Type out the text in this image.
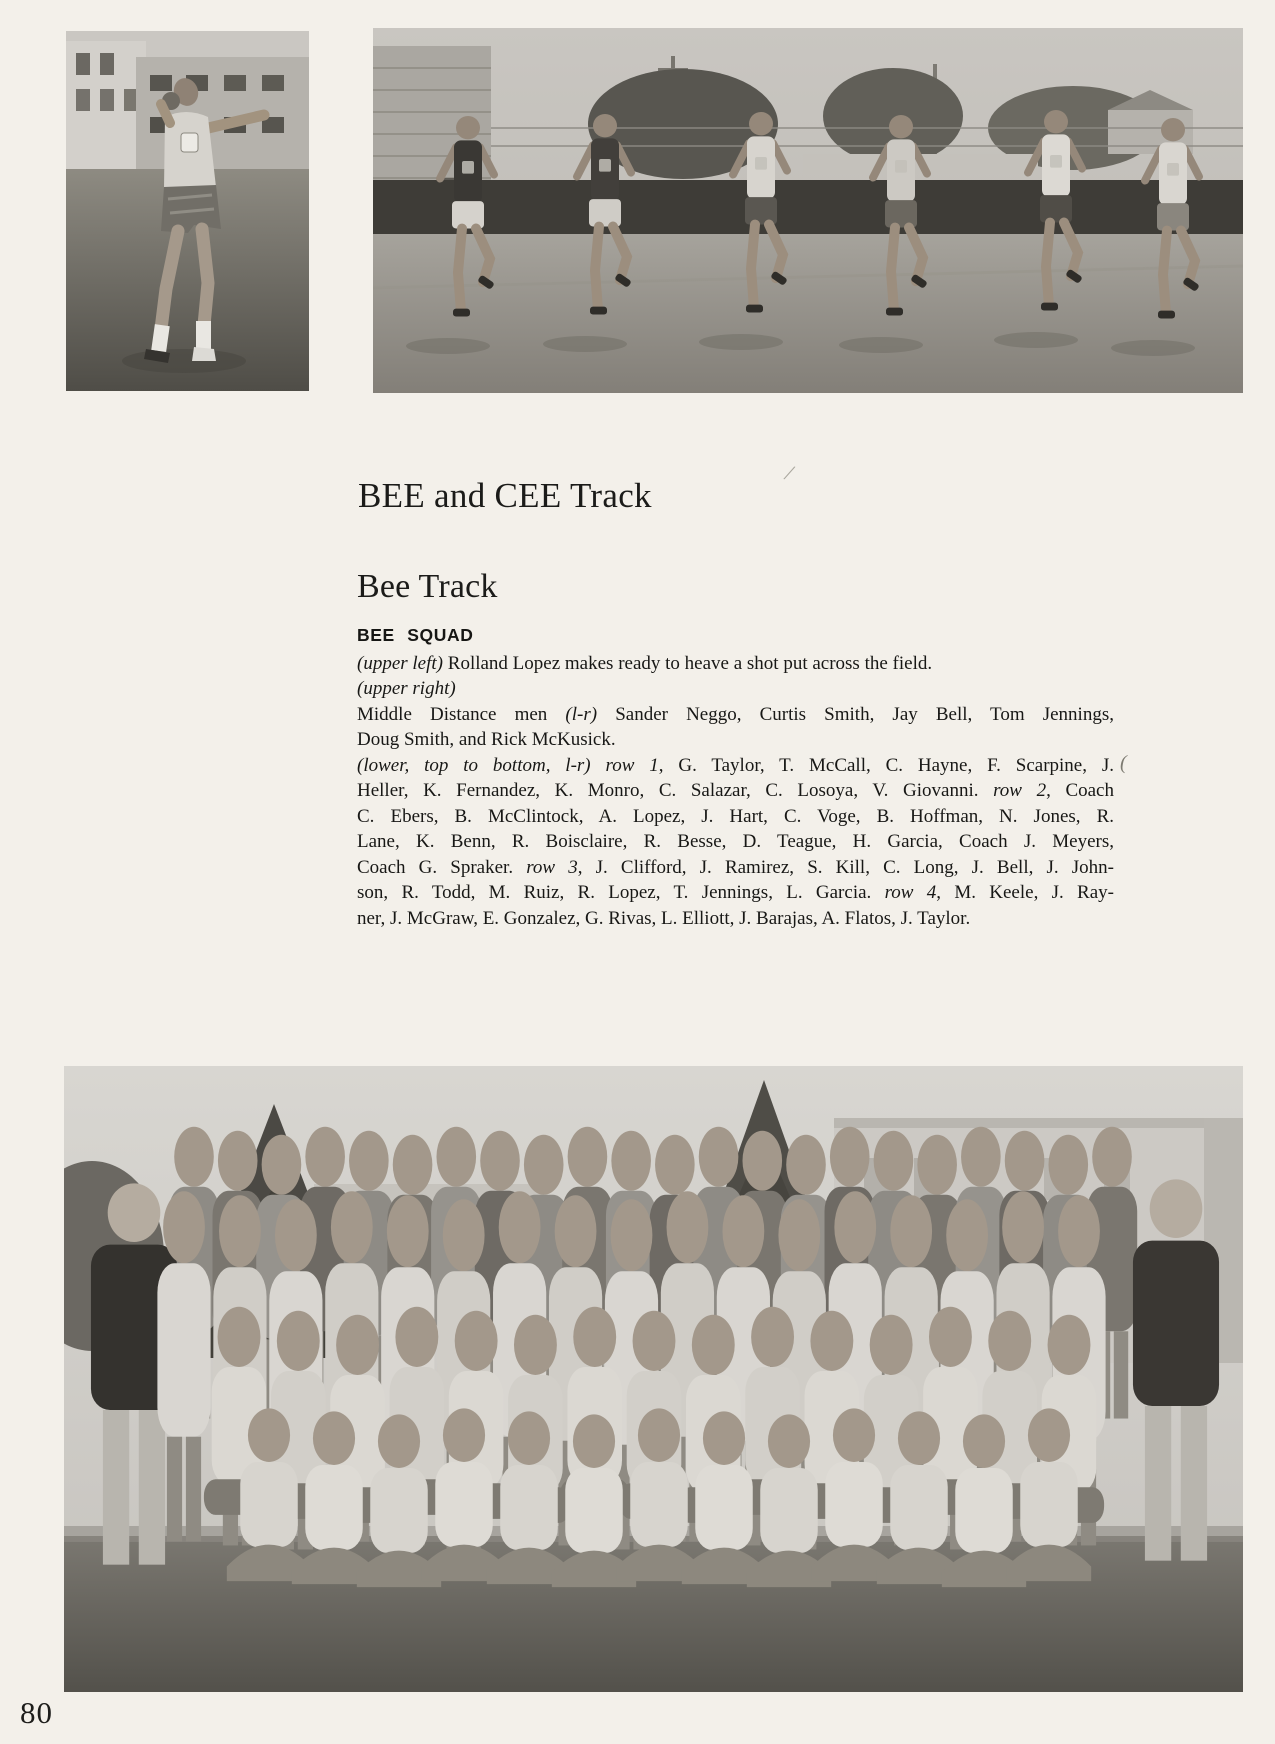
BEE and CEE Track
/
Bee Track
BEE SQUAD
(upper left) Rolland Lopez makes ready to heave a shot put across the field.
(upper right)
Middle Distance men (l-r) Sander Neggo, Curtis Smith, Jay Bell, Tom Jennings,
Doug Smith, and Rick McKusick.
(lower, top to bottom, l-r) row 1, G. Taylor, T. McCall, C. Hayne, F. Scarpine, J.
Heller, K. Fernandez, K. Monro, C. Salazar, C. Losoya, V. Giovanni. row 2, Coach
C. Ebers, B. McClintock, A. Lopez, J. Hart, C. Voge, B. Hoffman, N. Jones, R.
Lane, K. Benn, R. Boisclaire, R. Besse, D. Teague, H. Garcia, Coach J. Meyers,
Coach G. Spraker. row 3, J. Clifford, J. Ramirez, S. Kill, C. Long, J. Bell, J. John-
son, R. Todd, M. Ruiz, R. Lopez, T. Jennings, L. Garcia. row 4, M. Keele, J. Ray-
ner, J. McGraw, E. Gonzalez, G. Rivas, L. Elliott, J. Barajas, A. Flatos, J. Taylor.
(
80
